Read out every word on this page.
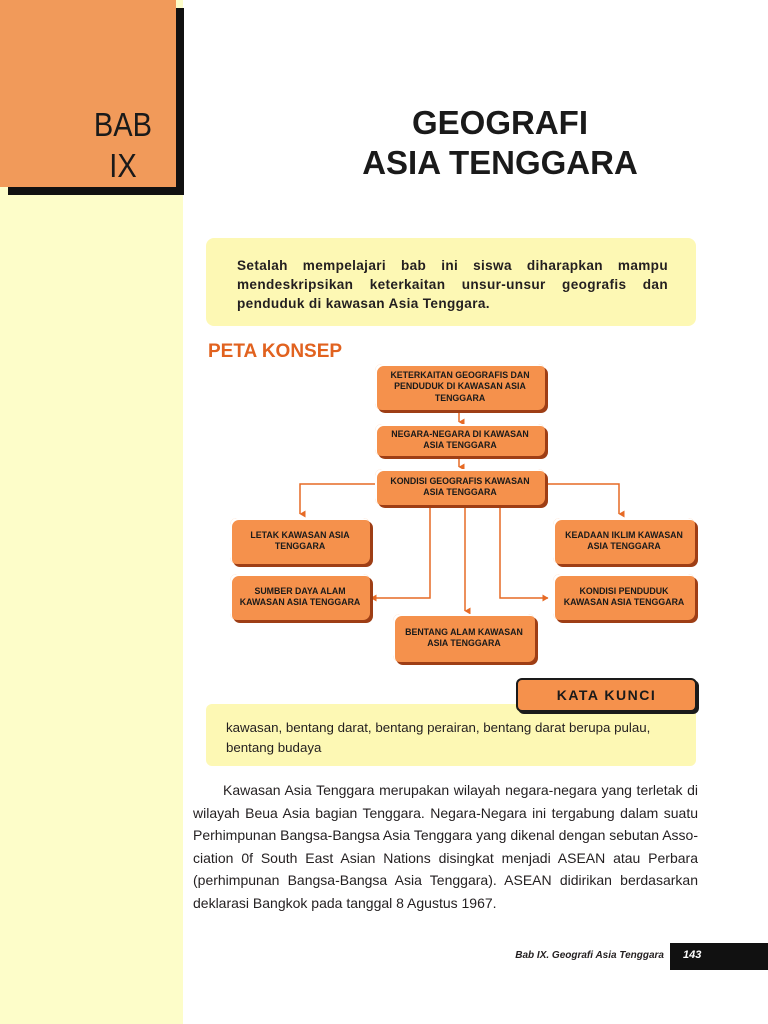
BAB
IX
GEOGRAFI
ASIA TENGGARA

Setalah mempelajari bab ini siswa diharapkan mampu mendeskripsikan keterkaitan unsur-unsur geografis dan penduduk di kawasan Asia Tenggara.

PETA KONSEP
KETERKAITAN GEOGRAFIS DAN PENDUDUK DI KAWASAN ASIA TENGGARA
NEGARA-NEGARA DI KAWASAN ASIA TENGGARA
KONDISI GEOGRAFIS KAWASAN ASIA TENGGARA
LETAK KAWASAN ASIA TENGGARA
SUMBER DAYA ALAM KAWASAN ASIA TENGGARA
BENTANG ALAM KAWASAN ASIA TENGGARA
KEADAAN IKLIM KAWASAN ASIA TENGGARA
KONDISI PENDUDUK KAWASAN ASIA TENGGARA

kawasan, bentang darat, bentang perairan, bentang darat berupa pulau, bentang budaya

KATA KUNCI

Kawasan Asia Tenggara merupakan wilayah negara-negara yang terletak di wilayah Beua Asia bagian Tenggara. Negara-Negara ini tergabung dalam suatu Perhimpunan Bangsa-Bangsa Asia Tenggara yang dikenal dengan sebutan Asso-ciation 0f South East Asian Nations disingkat menjadi ASEAN atau Perbara (perhimpunan Bangsa-Bangsa Asia Tenggara). ASEAN didirikan berdasarkan deklarasi Bangkok pada tanggal 8 Agustus 1967.

Bab IX. Geografi Asia Tenggara 143
